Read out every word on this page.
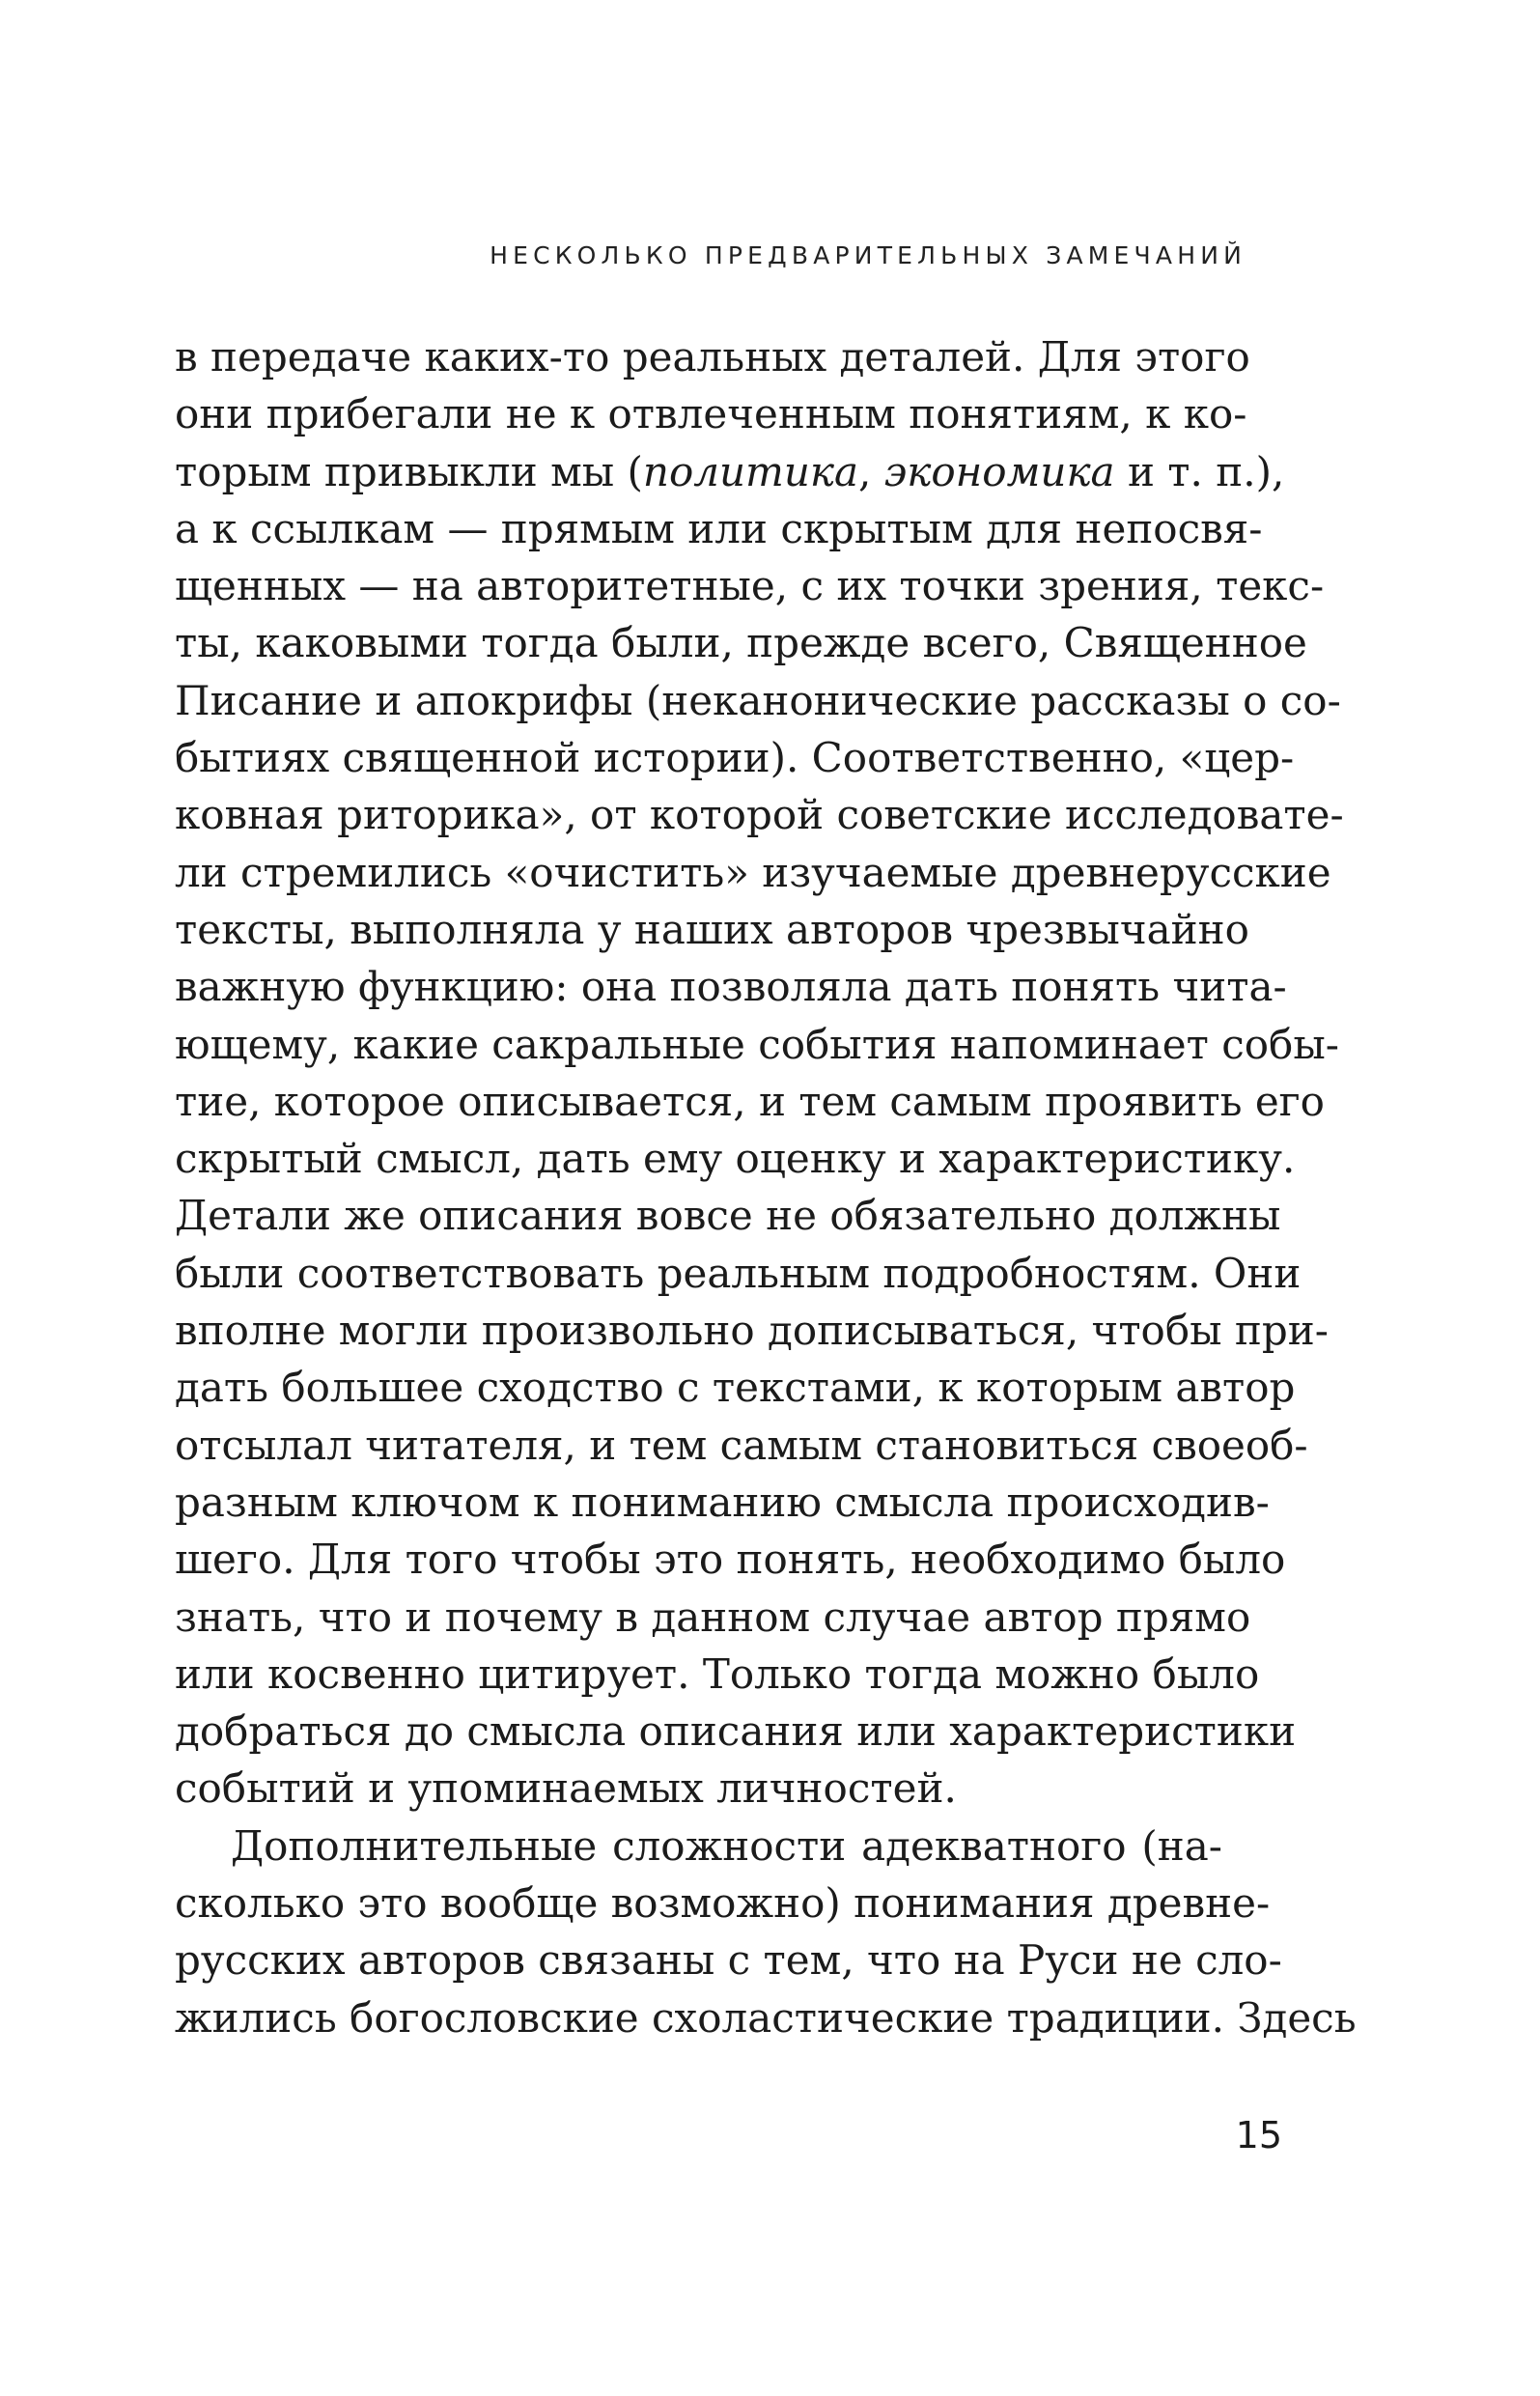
НЕСКОЛЬКО ПРЕДВАРИТЕЛЬНЫХ ЗАМЕЧАНИЙ
в передаче каких-то реальных деталей. Для этого
они прибегали не к отвлеченным понятиям, к ко-
торым привыкли мы (политика, экономика и т. п.),
а к ссылкам — прямым или скрытым для непосвя-
щенных — на авторитетные, с их точки зрения, текс-
ты, каковыми тогда были, прежде всего, Священное
Писание и апокрифы (неканонические рассказы о со-
бытиях священной истории). Соответственно, «цер-
ковная риторика», от которой советские исследовате-
ли стремились «очистить» изучаемые древнерусские
тексты, выполняла у наших авторов чрезвычайно
важную функцию: она позволяла дать понять чита-
ющему, какие сакральные события напоминает собы-
тие, которое описывается, и тем самым проявить его
скрытый смысл, дать ему оценку и характеристику.
Детали же описания вовсе не обязательно должны
были соответствовать реальным подробностям. Они
вполне могли произвольно дописываться, чтобы при-
дать большее сходство с текстами, к которым автор
отсылал читателя, и тем самым становиться своеоб-
разным ключом к пониманию смысла происходив-
шего. Для того чтобы это понять, необходимо было
знать, что и почему в данном случае автор прямо
или косвенно цитирует. Только тогда можно было
добраться до смысла описания или характеристики
событий и упоминаемых личностей.
Дополнительные сложности адекватного (на-
сколько это вообще возможно) понимания древне-
русских авторов связаны с тем, что на Руси не сло-
жились богословские схоластические традиции. Здесь
15
